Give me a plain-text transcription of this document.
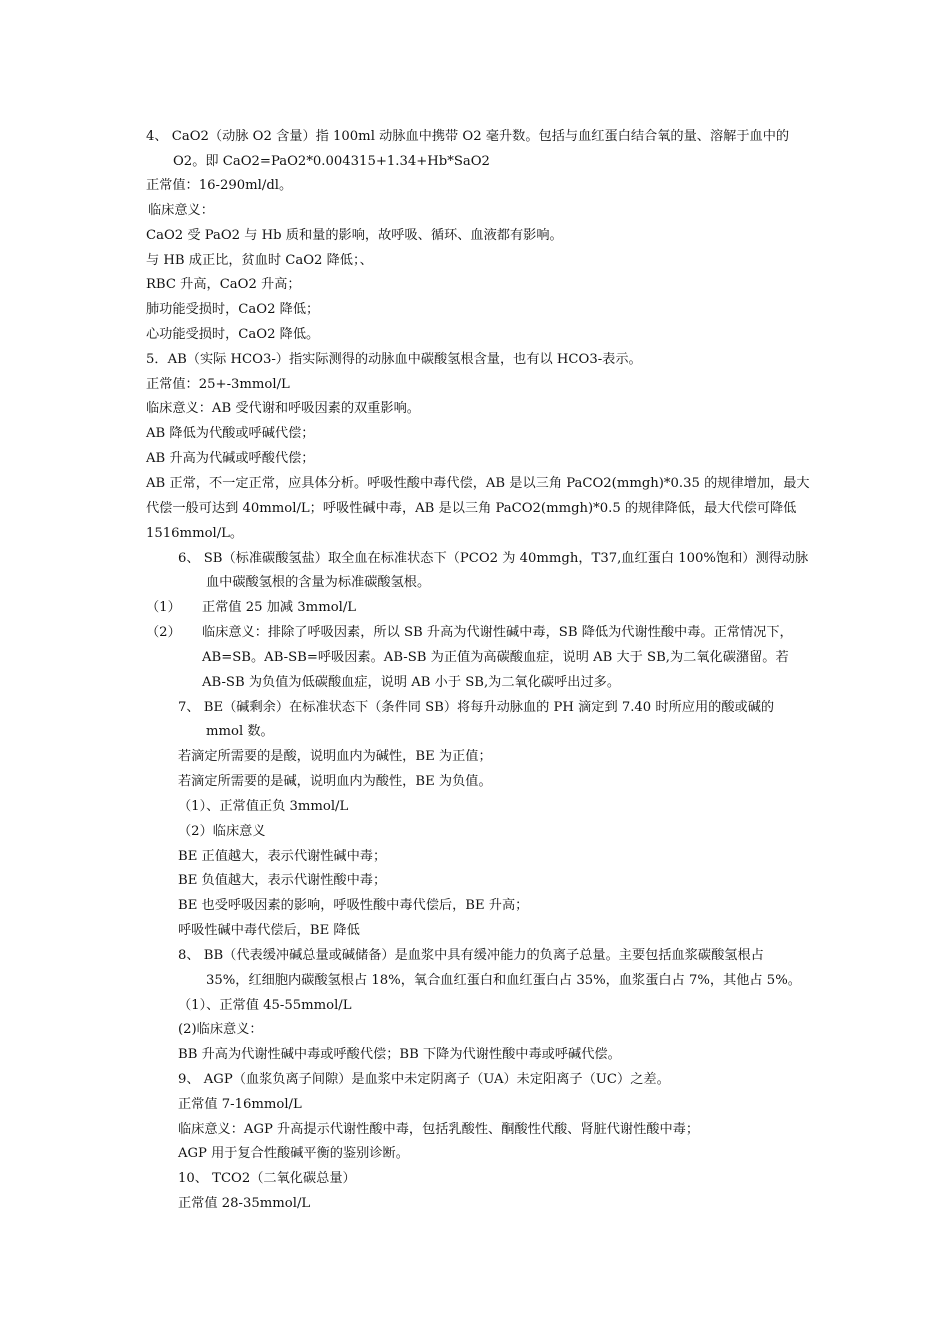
4、 CaO2（动脉 O2 含量）指 100ml 动脉血中携带 O2 毫升数。包括与血红蛋白结合氧的量、溶解于血中的
O2。即 CaO2=PaO2*0.004315+1.34+Hb*SaO2
正常值：16-290ml/dl。
临床意义：
CaO2 受 PaO2 与 Hb 质和量的影响，故呼吸、循环、血液都有影响。
与 HB 成正比，贫血时 CaO2 降低；、
RBC 升高，CaO2 升高；
肺功能受损时，CaO2 降低；
心功能受损时，CaO2 降低。
5．AB（实际 HCO3-）指实际测得的动脉血中碳酸氢根含量，也有以 HCO3-表示。
正常值：25+-3mmol/L
临床意义：AB 受代谢和呼吸因素的双重影响。
AB 降低为代酸或呼碱代偿；
AB 升高为代碱或呼酸代偿；
AB 正常，不一定正常，应具体分析。呼吸性酸中毒代偿，AB 是以三角 PaCO2(mmgh)*0.35 的规律增加，最大
代偿一般可达到 40mmol/L；呼吸性碱中毒，AB 是以三角 PaCO2(mmgh)*0.5 的规律降低，最大代偿可降低
1516mmol/L。
6、 SB（标准碳酸氢盐）取全血在标准状态下（PCO2 为 40mmgh，T37,血红蛋白 100%饱和）测得动脉
血中碳酸氢根的含量为标准碳酸氢根。
（1） 正常值 25 加减 3mmol/L
（2） 临床意义：排除了呼吸因素，所以 SB 升高为代谢性碱中毒，SB 降低为代谢性酸中毒。正常情况下，
AB=SB。AB-SB=呼吸因素。AB-SB 为正值为高碳酸血症，说明 AB 大于 SB,为二氧化碳潴留。若
AB-SB 为负值为低碳酸血症，说明 AB 小于 SB,为二氧化碳呼出过多。
7、 BE（碱剩余）在标准状态下（条件同 SB）将每升动脉血的 PH 滴定到 7.40 时所应用的酸或碱的
mmol 数。
若滴定所需要的是酸，说明血内为碱性，BE 为正值；
若滴定所需要的是碱，说明血内为酸性，BE 为负值。
（1）、正常值正负 3mmol/L
（2）临床意义
BE 正值越大，表示代谢性碱中毒；
BE 负值越大，表示代谢性酸中毒；
BE 也受呼吸因素的影响，呼吸性酸中毒代偿后，BE 升高；
呼吸性碱中毒代偿后，BE 降低
8、 BB（代表缓冲碱总量或碱储备）是血浆中具有缓冲能力的负离子总量。主要包括血浆碳酸氢根占
35%，红细胞内碳酸氢根占 18%，氧合血红蛋白和血红蛋白占 35%，血浆蛋白占 7%，其他占 5%。
（1）、正常值 45-55mmol/L
(2)临床意义：
BB 升高为代谢性碱中毒或呼酸代偿；BB 下降为代谢性酸中毒或呼碱代偿。
9、 AGP（血浆负离子间隙）是血浆中未定阴离子（UA）未定阳离子（UC）之差。
正常值 7-16mmol/L
临床意义：AGP 升高提示代谢性酸中毒，包括乳酸性、酮酸性代酸、肾脏代谢性酸中毒；
AGP 用于复合性酸碱平衡的鉴别诊断。
10、 TCO2（二氧化碳总量）
正常值 28-35mmol/L
